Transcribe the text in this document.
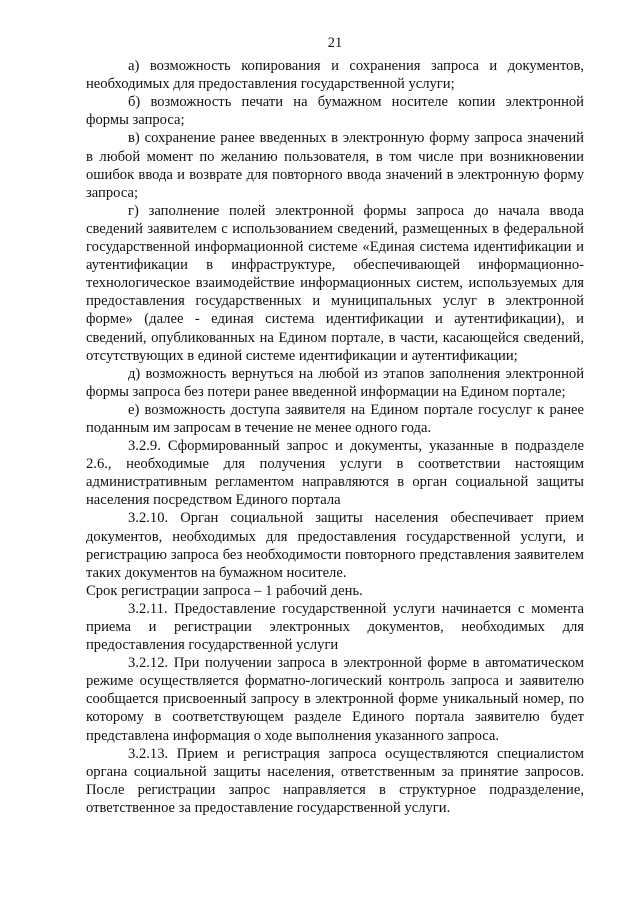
21

а) возможность копирования и сохранения запроса и документов, необходимых для предоставления государственной услуги;

б) возможность печати на бумажном носителе копии электронной формы запроса;

в) сохранение ранее введенных в электронную форму запроса значений в любой момент по желанию пользователя, в том числе при возникновении ошибок ввода и возврате для повторного ввода значений в электронную форму запроса;

г) заполнение полей электронной формы запроса до начала ввода сведений заявителем с использованием сведений, размещенных в федеральной государственной информационной системе «Единая система идентификации и аутентификации в инфраструктуре, обеспечивающей информационно-технологическое взаимодействие информационных систем, используемых для предоставления государственных и муниципальных услуг в электронной форме» (далее - единая система идентификации и аутентификации), и сведений, опубликованных на Едином портале, в части, касающейся сведений, отсутствующих в единой системе идентификации и аутентификации;

д) возможность вернуться на любой из этапов заполнения электронной формы запроса без потери ранее введенной информации на Едином портале;

е) возможность доступа заявителя на Едином портале госуслуг к ранее поданным им запросам в течение не менее одного года.

3.2.9. Сформированный запрос и документы, указанные в подразделе 2.6., необходимые для получения услуги в соответствии настоящим административным регламентом направляются в орган социальной защиты населения посредством Единого портала

3.2.10. Орган социальной защиты населения обеспечивает прием документов, необходимых для предоставления государственной услуги, и регистрацию запроса без необходимости повторного представления заявителем таких документов на бумажном носителе.

Срок регистрации запроса – 1 рабочий день.

3.2.11. Предоставление государственной услуги начинается с момента приема и регистрации электронных документов, необходимых для предоставления государственной услуги

3.2.12. При получении запроса в электронной форме в автоматическом режиме осуществляется форматно-логический контроль запроса и заявителю сообщается присвоенный запросу в электронной форме уникальный номер, по которому в соответствующем разделе Единого портала заявителю будет представлена информация о ходе выполнения указанного запроса.

3.2.13. Прием и регистрация запроса осуществляются специалистом органа социальной защиты населения, ответственным за принятие запросов. После регистрации запрос направляется в структурное подразделение, ответственное за предоставление государственной услуги.
